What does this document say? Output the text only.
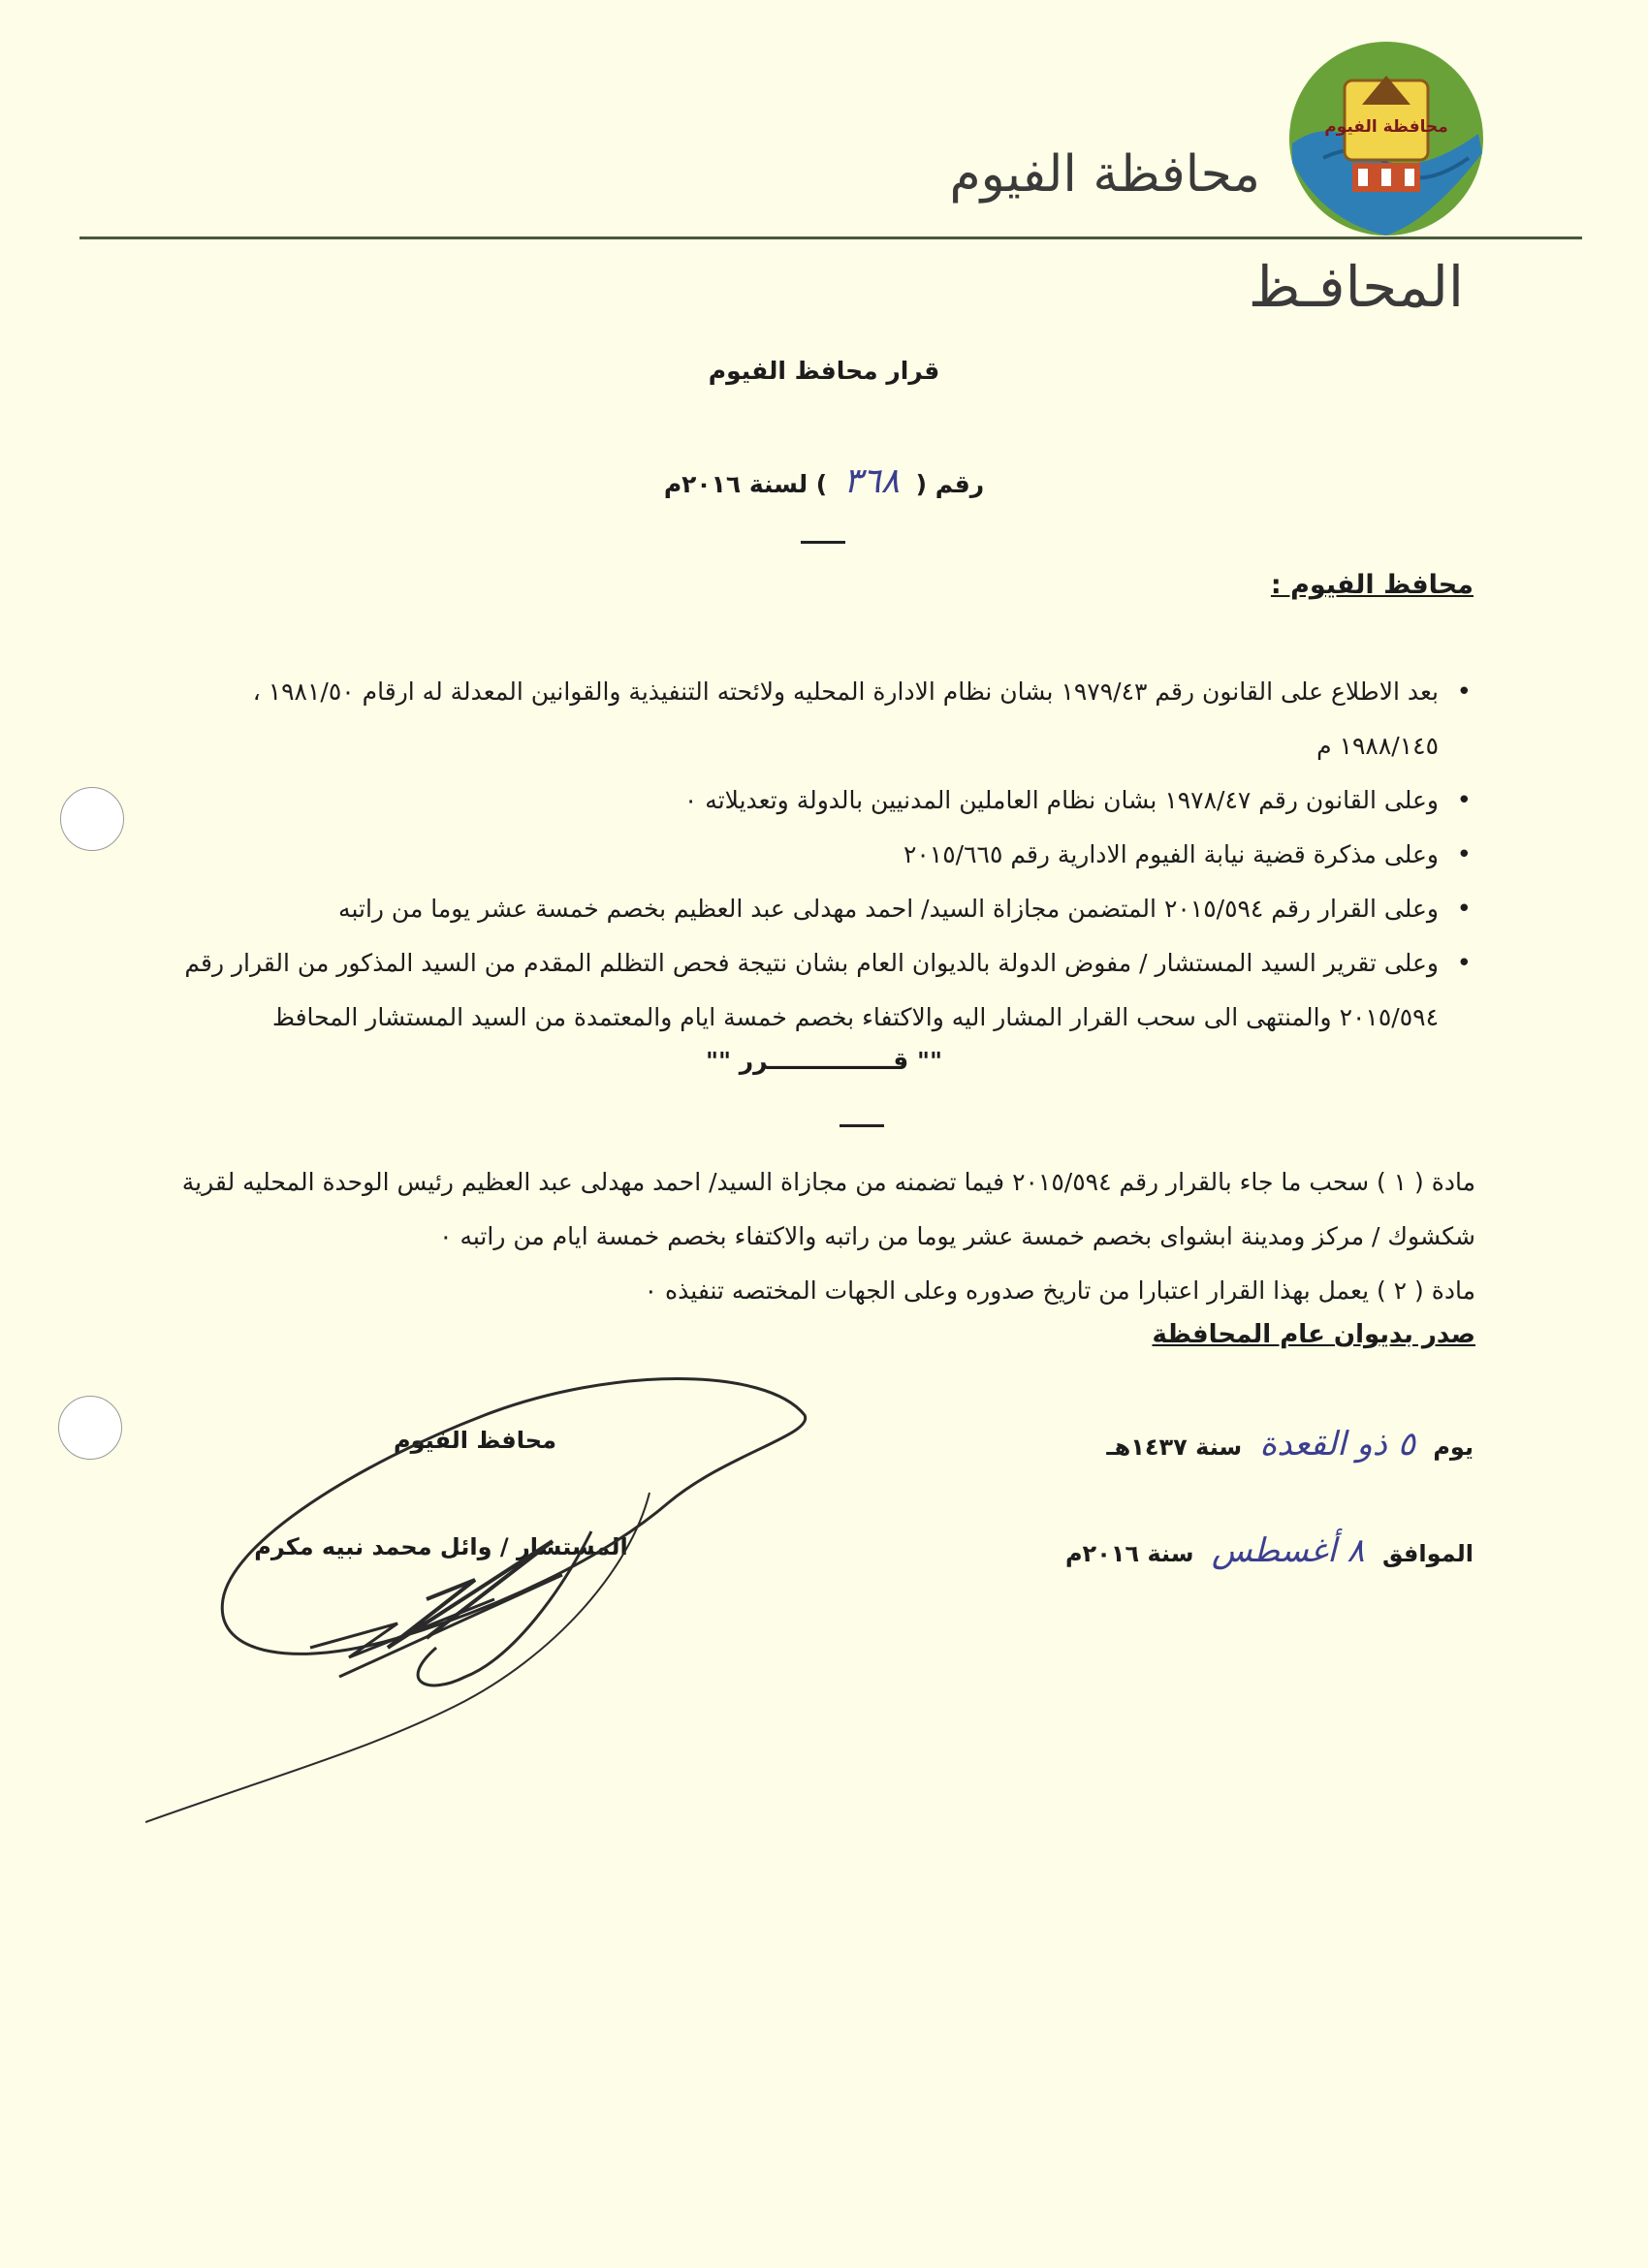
محافظة الفيوم
محافظة الفيوم
المحافـظ
قرار محافظ الفيوم
رقم ( ٣٦٨ ) لسنة ٢٠١٦م
محافظ الفيوم :
• بعد الاطلاع على القانون رقم ١٩٧٩/٤٣ بشان نظام الادارة المحليه ولائحته التنفيذية والقوانين المعدلة له ارقام ١٩٨١/٥٠ ، ١٩٨٨/١٤٥ م
• وعلى القانون رقم ١٩٧٨/٤٧ بشان نظام العاملين المدنيين بالدولة وتعديلاته ٠
• وعلى مذكرة قضية نيابة الفيوم الادارية رقم ٢٠١٥/٦٦٥
• وعلى القرار رقم ٢٠١٥/٥٩٤ المتضمن مجازاة السيد/ احمد مهدلى عبد العظيم بخصم خمسة عشر يوما من راتبه
• وعلى تقرير السيد المستشار / مفوض الدولة بالديوان العام بشان نتيجة فحص التظلم المقدم من السيد المذكور من القرار رقم ٢٠١٥/٥٩٤ والمنتهى الى سحب القرار المشار اليه والاكتفاء بخصم خمسة ايام والمعتمدة من السيد المستشار المحافظ
"" قـــــــــــــــرر ""
مادة ( ١ ) سحب ما جاء بالقرار رقم ٢٠١٥/٥٩٤ فيما تضمنه من مجازاة السيد/ احمد مهدلى عبد العظيم رئيس الوحدة المحليه لقرية شكشوك / مركز ومدينة ابشواى بخصم خمسة عشر يوما من راتبه والاكتفاء بخصم خمسة ايام من راتبه ٠
مادة ( ٢ ) يعمل بهذا القرار اعتبارا من تاريخ صدوره وعلى الجهات المختصه تنفيذه ٠
صدر بديوان عام المحافظة
يوم ٥ ذو القعدة سنة ١٤٣٧هـ
الموافق ٨ أغسطس سنة ٢٠١٦م
محافظ الفيوم
المستشار / وائل محمد نبيه مكرم
